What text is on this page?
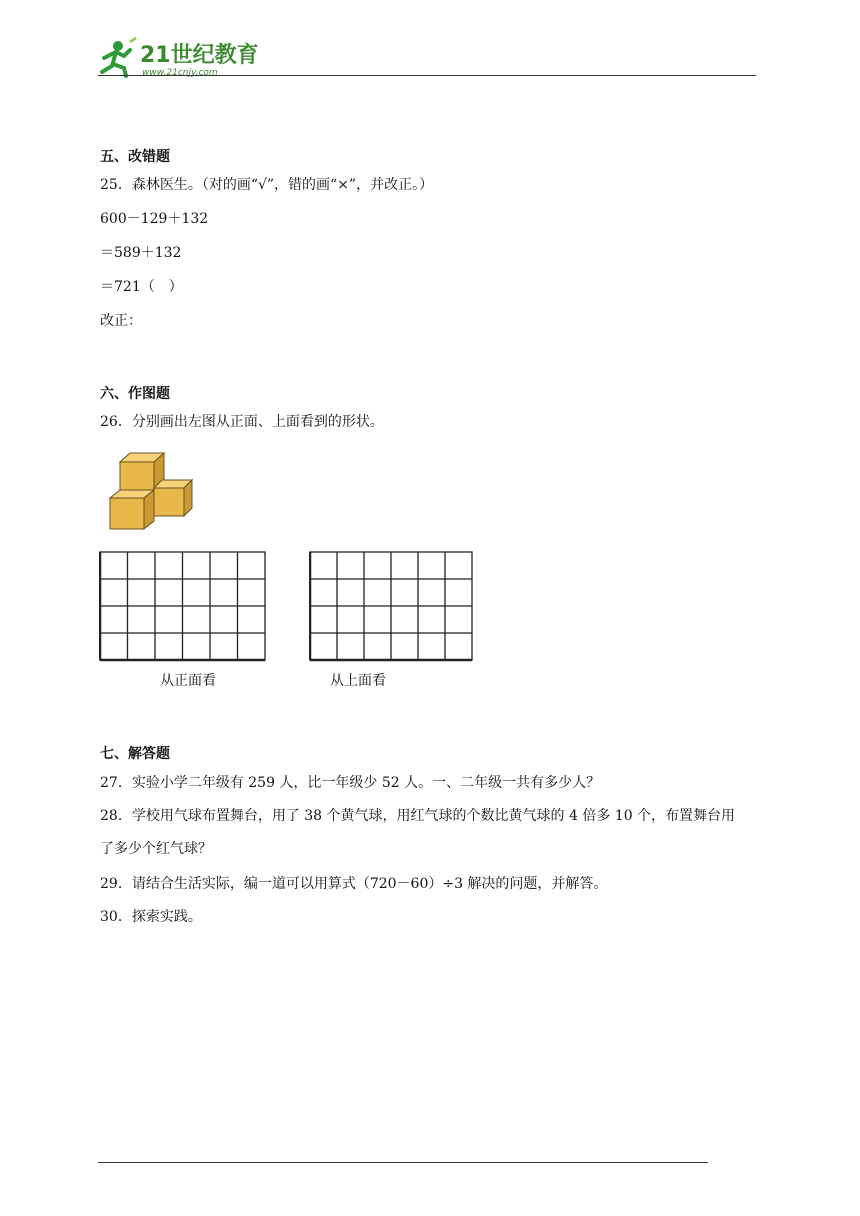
21世纪教育
www.21cnjy.com
五、改错题
25．森林医生。（对的画“√”，错的画“×”，并改正。）
600－129＋132
＝589＋132
＝721（　）
改正：
六、作图题
26．分别画出左图从正面、上面看到的形状。
从正面看	从上面看
七、解答题
27．实验小学二年级有 259 人，比一年级少 52 人。一、二年级一共有多少人？
28．学校用气球布置舞台，用了 38 个黄气球，用红气球的个数比黄气球的 4 倍多 10 个，布置舞台用
了多少个红气球？
29．请结合生活实际，编一道可以用算式（720－60）÷3 解决的问题，并解答。
30．探索实践。
